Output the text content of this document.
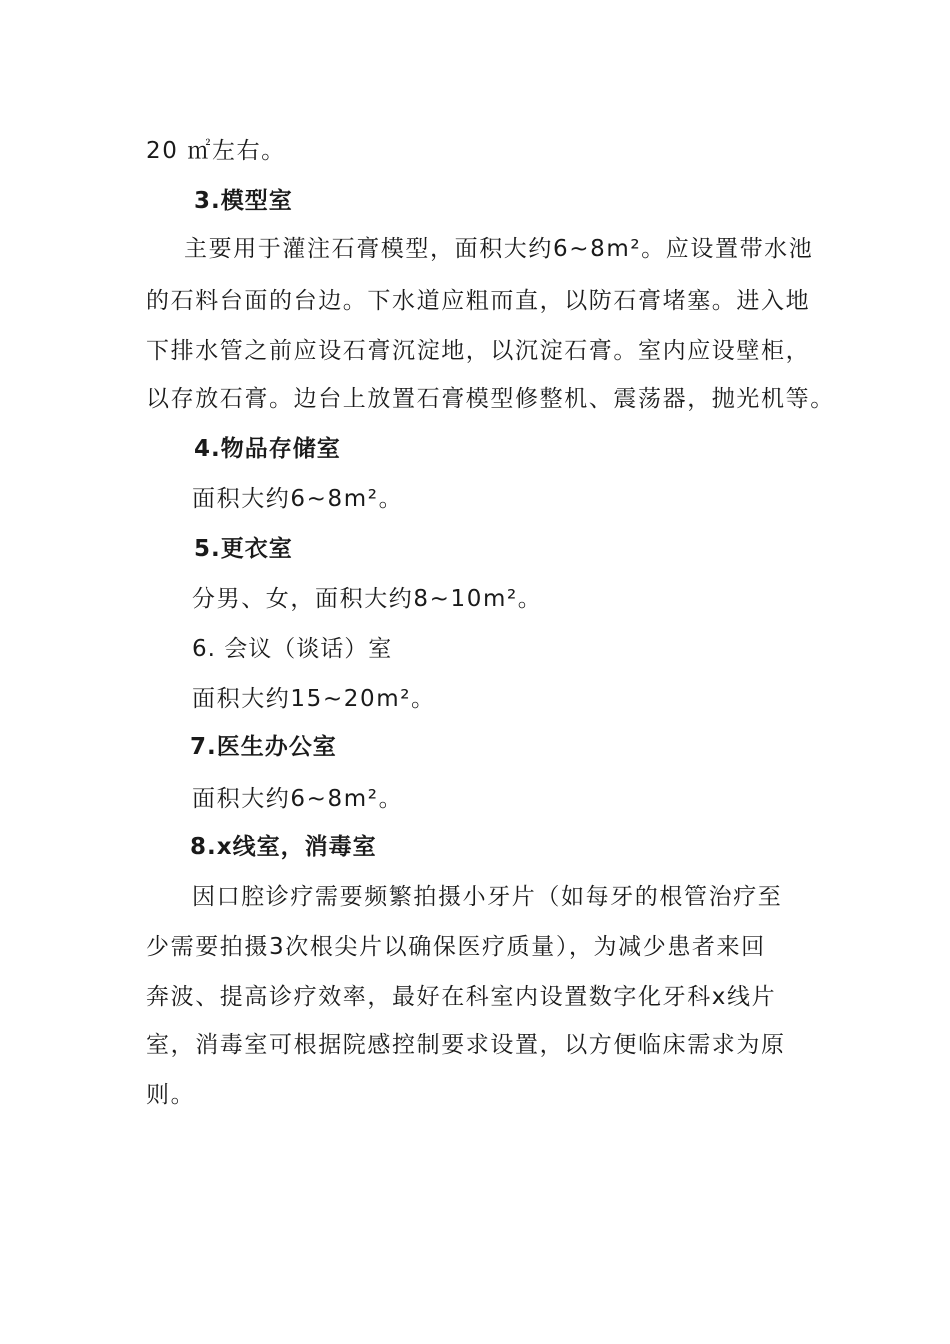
20 ㎡左右。
3.模型室
主要用于灌注石膏模型，面积大约6~8m²。应设置带水池
的石料台面的台边。下水道应粗而直，以防石膏堵塞。进入地
下排水管之前应设石膏沉淀地，以沉淀石膏。室内应设壁柜，
以存放石膏。边台上放置石膏模型修整机、震荡器，抛光机等。
4.物品存储室
面积大约6~8m²。
5.更衣室
分男、女，面积大约8~10m²。
6. 会议（谈话）室
面积大约15~20m²。
7.医生办公室
面积大约6~8m²。
8.x线室，消毒室
因口腔诊疗需要频繁拍摄小牙片（如每牙的根管治疗至
少需要拍摄3次根尖片以确保医疗质量），为减少患者来回
奔波、提高诊疗效率，最好在科室内设置数字化牙科x线片
室，消毒室可根据院感控制要求设置，以方便临床需求为原
则。
